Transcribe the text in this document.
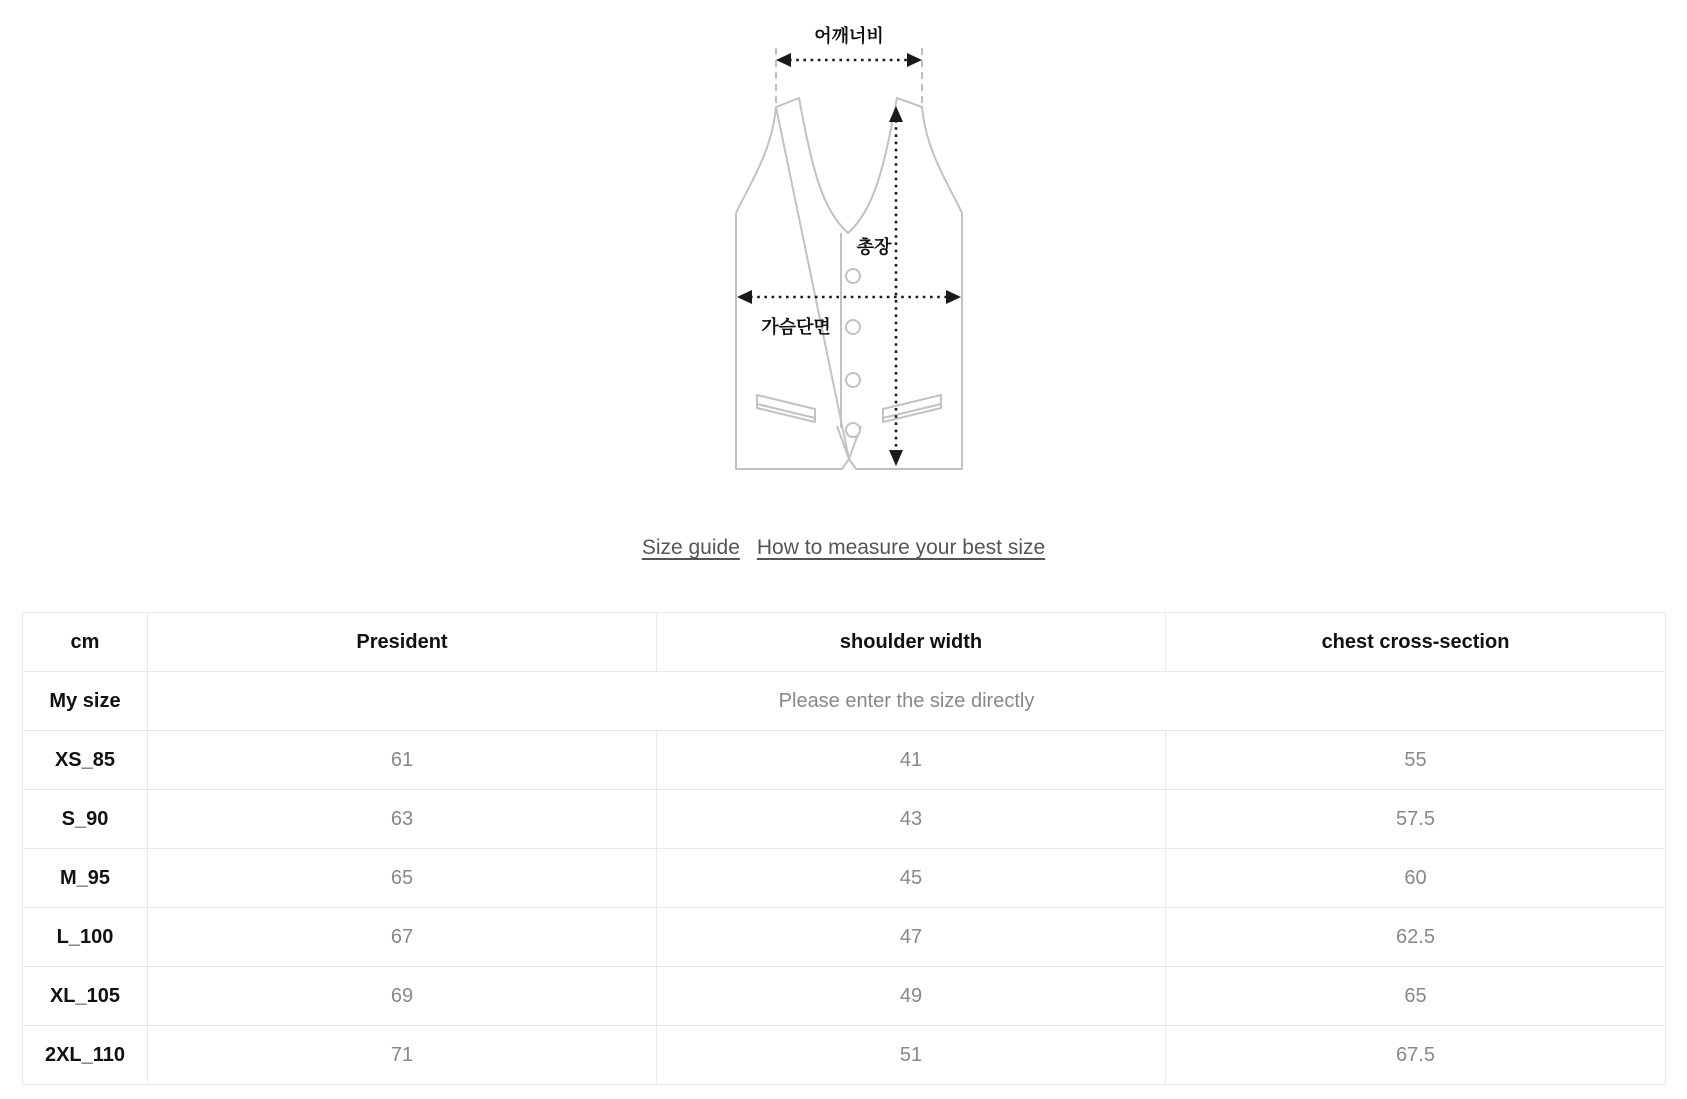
어깨너비
총장
가슴단면
Size guide How to measure your best size
cm	President	shoulder width	chest cross-section
My size	Please enter the size directly		
XS_85	61	41	55
S_90	63	43	57.5
M_95	65	45	60
L_100	67	47	62.5
XL_105	69	49	65
2XL_110	71	51	67.5
